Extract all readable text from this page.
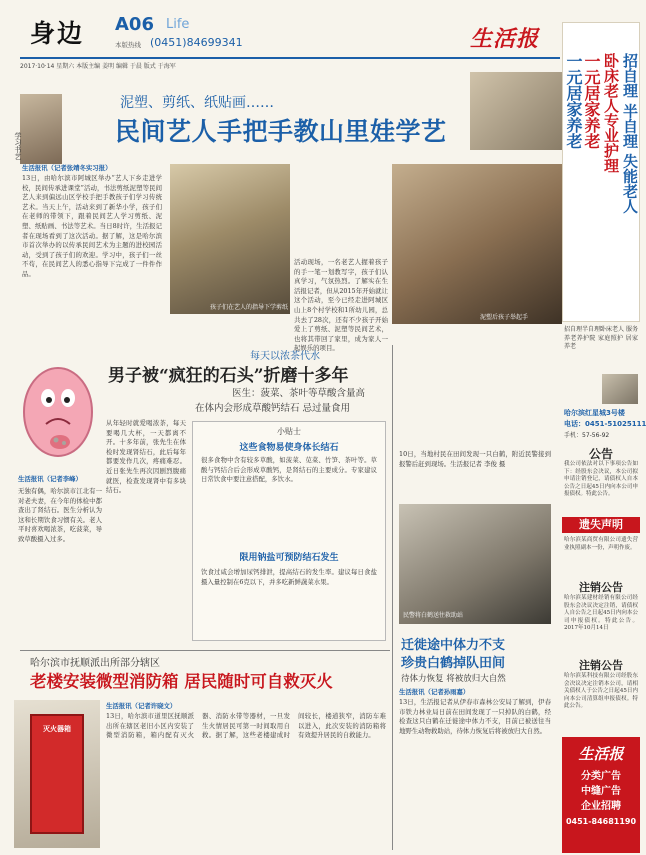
身边 A06 Life
本版热线 (0451)84699341	生活报
2017·10·14 星期六 本版主编 姜明 编辑 于晨 版式 于海军
学习书艺
泥塑、剪纸、纸贴画……
民间艺人手把手教山里娃学艺
生活报讯（记者张靖冬实习报）
13日，由哈尔滨市阿城区举办“艺人下乡走进学校，民间传承进课堂”活动，书法剪纸泥塑等民间艺人来到偏远山区学校手把手教孩子们学习传统艺术。当天上午，活动来到了新华小学，孩子们在老师的带领下，跟着民间艺人学习剪纸、泥塑、纸贴画、书法等艺术。当日8时许，生活报记者在现场看到了这次活动。据了解，这是哈尔滨市首次举办的以传承民间艺术为主题的进校园活动，受到了孩子们的欢迎。学习中，孩子们一丝不苟，在民间艺人的悉心指导下完成了一件件作品。
孩子们在艺人的指导下学剪纸
泥塑后孩子举起手
活动现场，一名老艺人握着孩子的手一笔一划教写字，孩子们认真学习，气氛热烈。了解实在生活报记者，但从2015年开始就让这个活动，至今已经走进阿城区山上8个村学校和1所幼儿园，总共去了28次，还有不少孩子开始爱上了剪纸、泥塑等民间艺术，也将其带回了家里，成为家人一起娱乐的项目。
每天以浓茶代水
男子被“疯狂的石头”折磨十多年
医生：菠菜、茶叶等草酸含量高
在体内会形成草酸钙结石 忌过量食用
生活报讯（记者李峰）
从年轻时就爱喝浓茶，每天要喝几大杯，一天都离不开。十多年前，张先生在体检时发现肾结石，此后每年都要发作几次，疼痛难忍。近日张先生再次因剧烈腹痛就医，检查发现肾中有多块结石。
无独有偶，哈尔滨市江北有一对老夫妻，在今年的体检中都查出了肾结石。医生分析认为这和长期饮食习惯有关。老人平时喜欢喝浓茶，吃菠菜，导致草酸摄入过多。
小贴士
这些食物易使身体长结石
很多食物中含有较多草酸，如菠菜、苋菜、竹笋、茶叶等。草酸与钙结合后会形成草酸钙，是肾结石的主要成分。专家建议日常饮食中要注意搭配，多饮水。
限用钠盐可预防结石发生
饮食过咸会增加尿钙排泄，提高结石的发生率。建议每日食盐摄入量控制在6克以下，并多吃新鲜蔬菜水果。
哈尔滨市抚顺派出所部分辖区
老楼安装微型消防箱 居民随时可自救灭火
灭火器箱
生活报讯（记者许晓文）
13日，哈尔滨市道里区抚顺派出所在辖区老旧小区内安装了微型消防箱，箱内配有灭火器、消防水带等器材，一旦发生火情居民可第一时间取用自救。据了解，这些老楼建成时间较长，楼道狭窄，消防车难以进入，此次安装的消防箱将有效提升居民的自救能力。
10日，当地村民在田间发现一只白鹤，附近民警接到报警后赶到现场。生活报记者 李俊 摄
民警将白鹤送往救助站
迁徙途中体力不支
珍贵白鹤掉队田间
待体力恢复 将被放归大自然
生活报讯（记者孙雨嘉）
13日，生活报记者从伊春市森林公安局了解到，伊春市铁力林业局日前在田间发现了一只掉队的白鹤，经检查这只白鹤在迁徙途中体力不支，目前已被送往当地野生动物救助站，待体力恢复后将被放归大自然。
一元居家养老 一元居家养老 卧床老人专业护理 招自理 半自理 失能老人
招自理半自理卧床老人 服务养老养护院 家庭照护 居家养老
哈尔滨红星城3号楼
电话：0451-51025111
手机：57-56-92
公告
我公司依法对以下事项公告如下：经股东会决议，本公司拟申请注销登记，请债权人自本公告之日起45日内向本公司申报债权。特此公告。
遗失声明
哈尔滨某商贸有限公司遗失营业执照副本一份，声明作废。
注销公告
哈尔滨某建材经销有限公司经股东会决议决定注销，请债权人自公告之日起45日内向本公司申报债权。特此公告。2017年10月14日
注销公告
哈尔滨某科技有限公司经股东会决议决定注销本公司，请相关债权人于公告之日起45日内向本公司清算组申报债权。特此公告。
生活报
分类广告
中缝广告
企业招聘
0451-84681190
